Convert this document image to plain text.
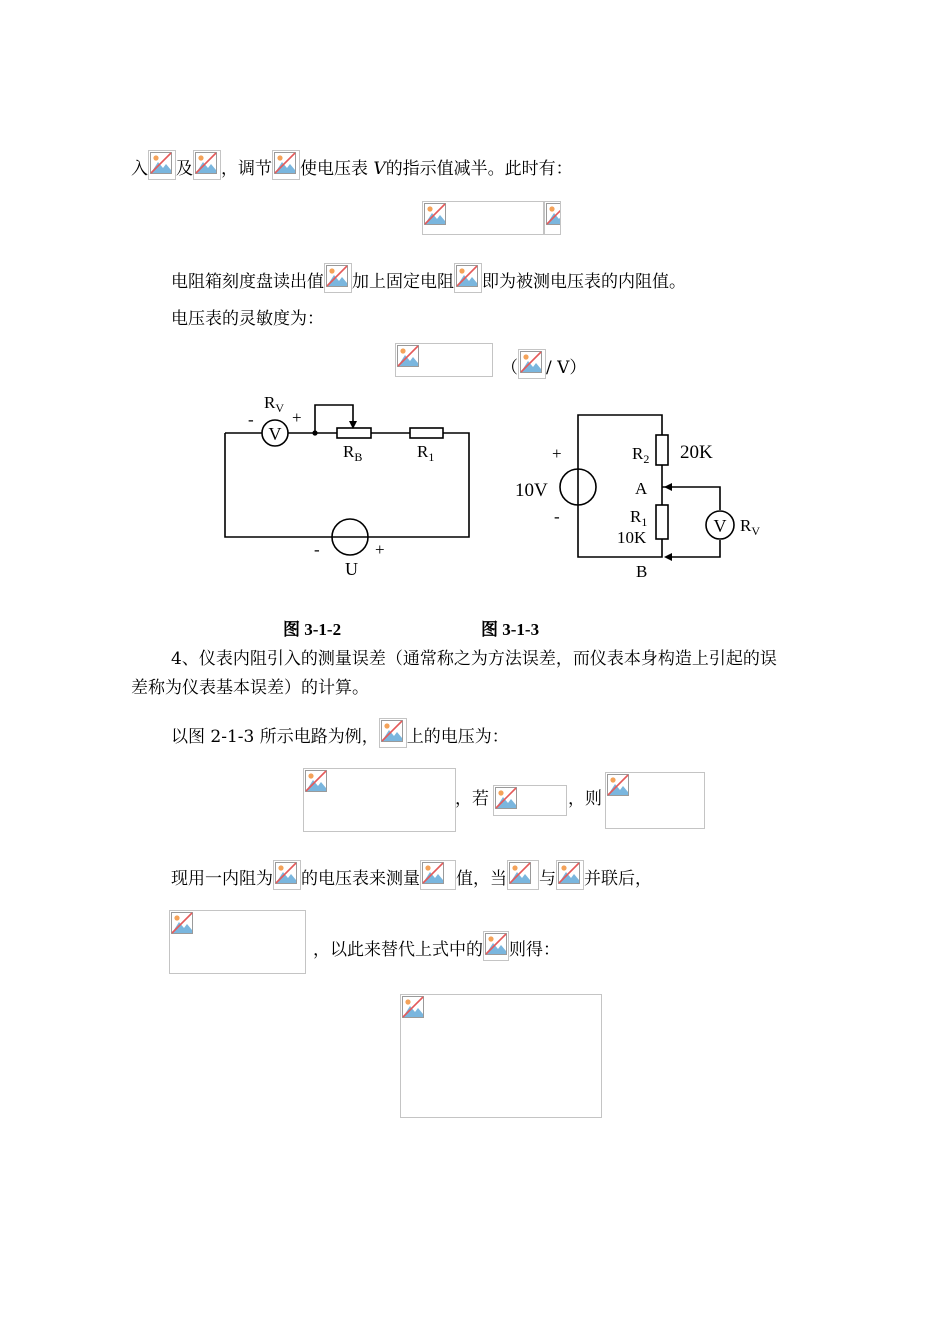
入 及 ，调节 使电压表 V的指示值减半。此时有：
电阻箱刻度盘读出值 加上固定电阻 即为被测电压表的内阻值。
电压表的灵敏度为：
（ / V）
V
$R_V$ +
-
$R_B$	$R_1$
-	+
U
V
+
-
10V
$R_2$ 20K
A
$R_1$
10K
B
$R_V$
图 3-1-2	图 3-1-3
4、仪表内阻引入的测量误差（通常称之为方法误差，而仪表本身构造上引起的误
差称为仪表基本误差）的计算。
以图 2-1-3 所示电路为例， 上的电压为：
，若	，则
现用一内阻为 的电压表来测量 值，当 与 并联后，
，以此来替代上式中的 则得：
